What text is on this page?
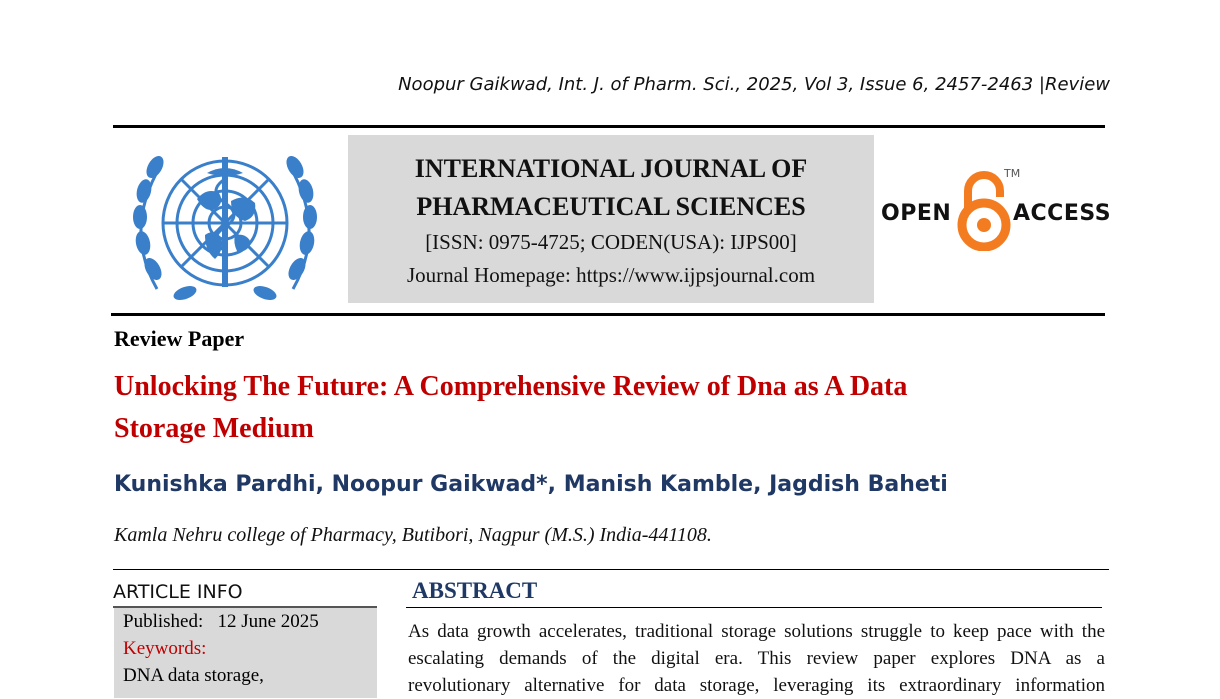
Noopur Gaikwad, Int. J. of Pharm. Sci., 2025, Vol 3, Issue 6, 2457-2463 |Review
INTERNATIONAL JOURNAL OF
PHARMACEUTICAL SCIENCES
[ISSN: 0975-4725; CODEN(USA): IJPS00]
Journal Homepage: https://www.ijpsjournal.com
OPEN
TM
ACCESS
Review Paper
Unlocking The Future: A Comprehensive Review of Dna as A Data
Storage Medium
Kunishka Pardhi, Noopur Gaikwad*, Manish Kamble, Jagdish Baheti
Kamla Nehru college of Pharmacy, Butibori, Nagpur (M.S.) India-441108.
ARTICLE INFO
Published: 12 June 2025
Keywords:
DNA data storage,
ABSTRACT
As data growth accelerates, traditional storage solutions struggle to keep pace with the
escalating demands of the digital era. This review paper explores DNA as a
revolutionary alternative for data storage, leveraging its extraordinary information
